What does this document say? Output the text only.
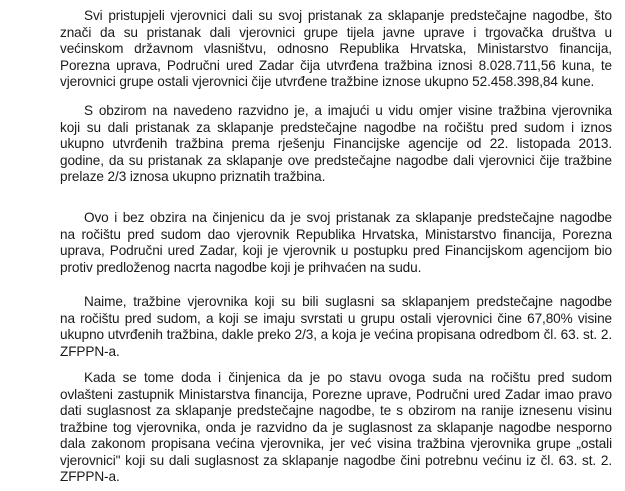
Svi pristupjeli vjerovnici dali su svoj pristanak za sklapanje predstečajne nagodbe, što
znači da su pristanak dali vjerovnici grupe tijela javne uprave i trgovačka društva u
većinskom državnom vlasništvu, odnosno Republika Hrvatska, Ministarstvo financija,
Porezna uprava, Područni ured Zadar čija utvrđena tražbina iznosi 8.028.711,56 kuna, te
vjerovnici grupe ostali vjerovnici čije utvrđene tražbine iznose ukupno 52.458.398,84 kune.
S obzirom na navedeno razvidno je, a imajući u vidu omjer visine tražbina vjerovnika
koji su dali pristanak za sklapanje predstečajne nagodbe na ročištu pred sudom i iznos
ukupno utvrđenih tražbina prema rješenju Financijske agencije od 22. listopada 2013.
godine, da su pristanak za sklapanje ove predstečajne nagodbe dali vjerovnici čije tražbine
prelaze 2/3 iznosa ukupno priznatih tražbina.
Ovo i bez obzira na činjenicu da je svoj pristanak za sklapanje predstečajne nagodbe
na ročištu pred sudom dao vjerovnik Republika Hrvatska, Ministarstvo financija, Porezna
uprava, Područni ured Zadar, koji je vjerovnik u postupku pred Financijskom agencijom bio
protiv predloženog nacrta nagodbe koji je prihvaćen na sudu.
Naime, tražbine vjerovnika koji su bili suglasni sa sklapanjem predstečajne nagodbe
na ročištu pred sudom, a koji se imaju svrstati u grupu ostali vjerovnici čine 67,80% visine
ukupno utvrđenih tražbina, dakle preko 2/3, a koja je većina propisana odredbom čl. 63. st. 2.
ZFPPN-a.
Kada se tome doda i činjenica da je po stavu ovoga suda na ročištu pred sudom
ovlašteni zastupnik Ministarstva financija, Porezne uprave, Područni ured Zadar imao pravo
dati suglasnost za sklapanje predstečajne nagodbe, te s obzirom na ranije iznesenu visinu
tražbine tog vjerovnika, onda je razvidno da je suglasnost za sklapanje nagodbe nesporno
dala zakonom propisana većina vjerovnika, jer već visina tražbina vjerovnika grupe „ostali
vjerovnici" koji su dali suglasnost za sklapanje nagodbe čini potrebnu većinu iz čl. 63. st. 2.
ZFPPN-a.
